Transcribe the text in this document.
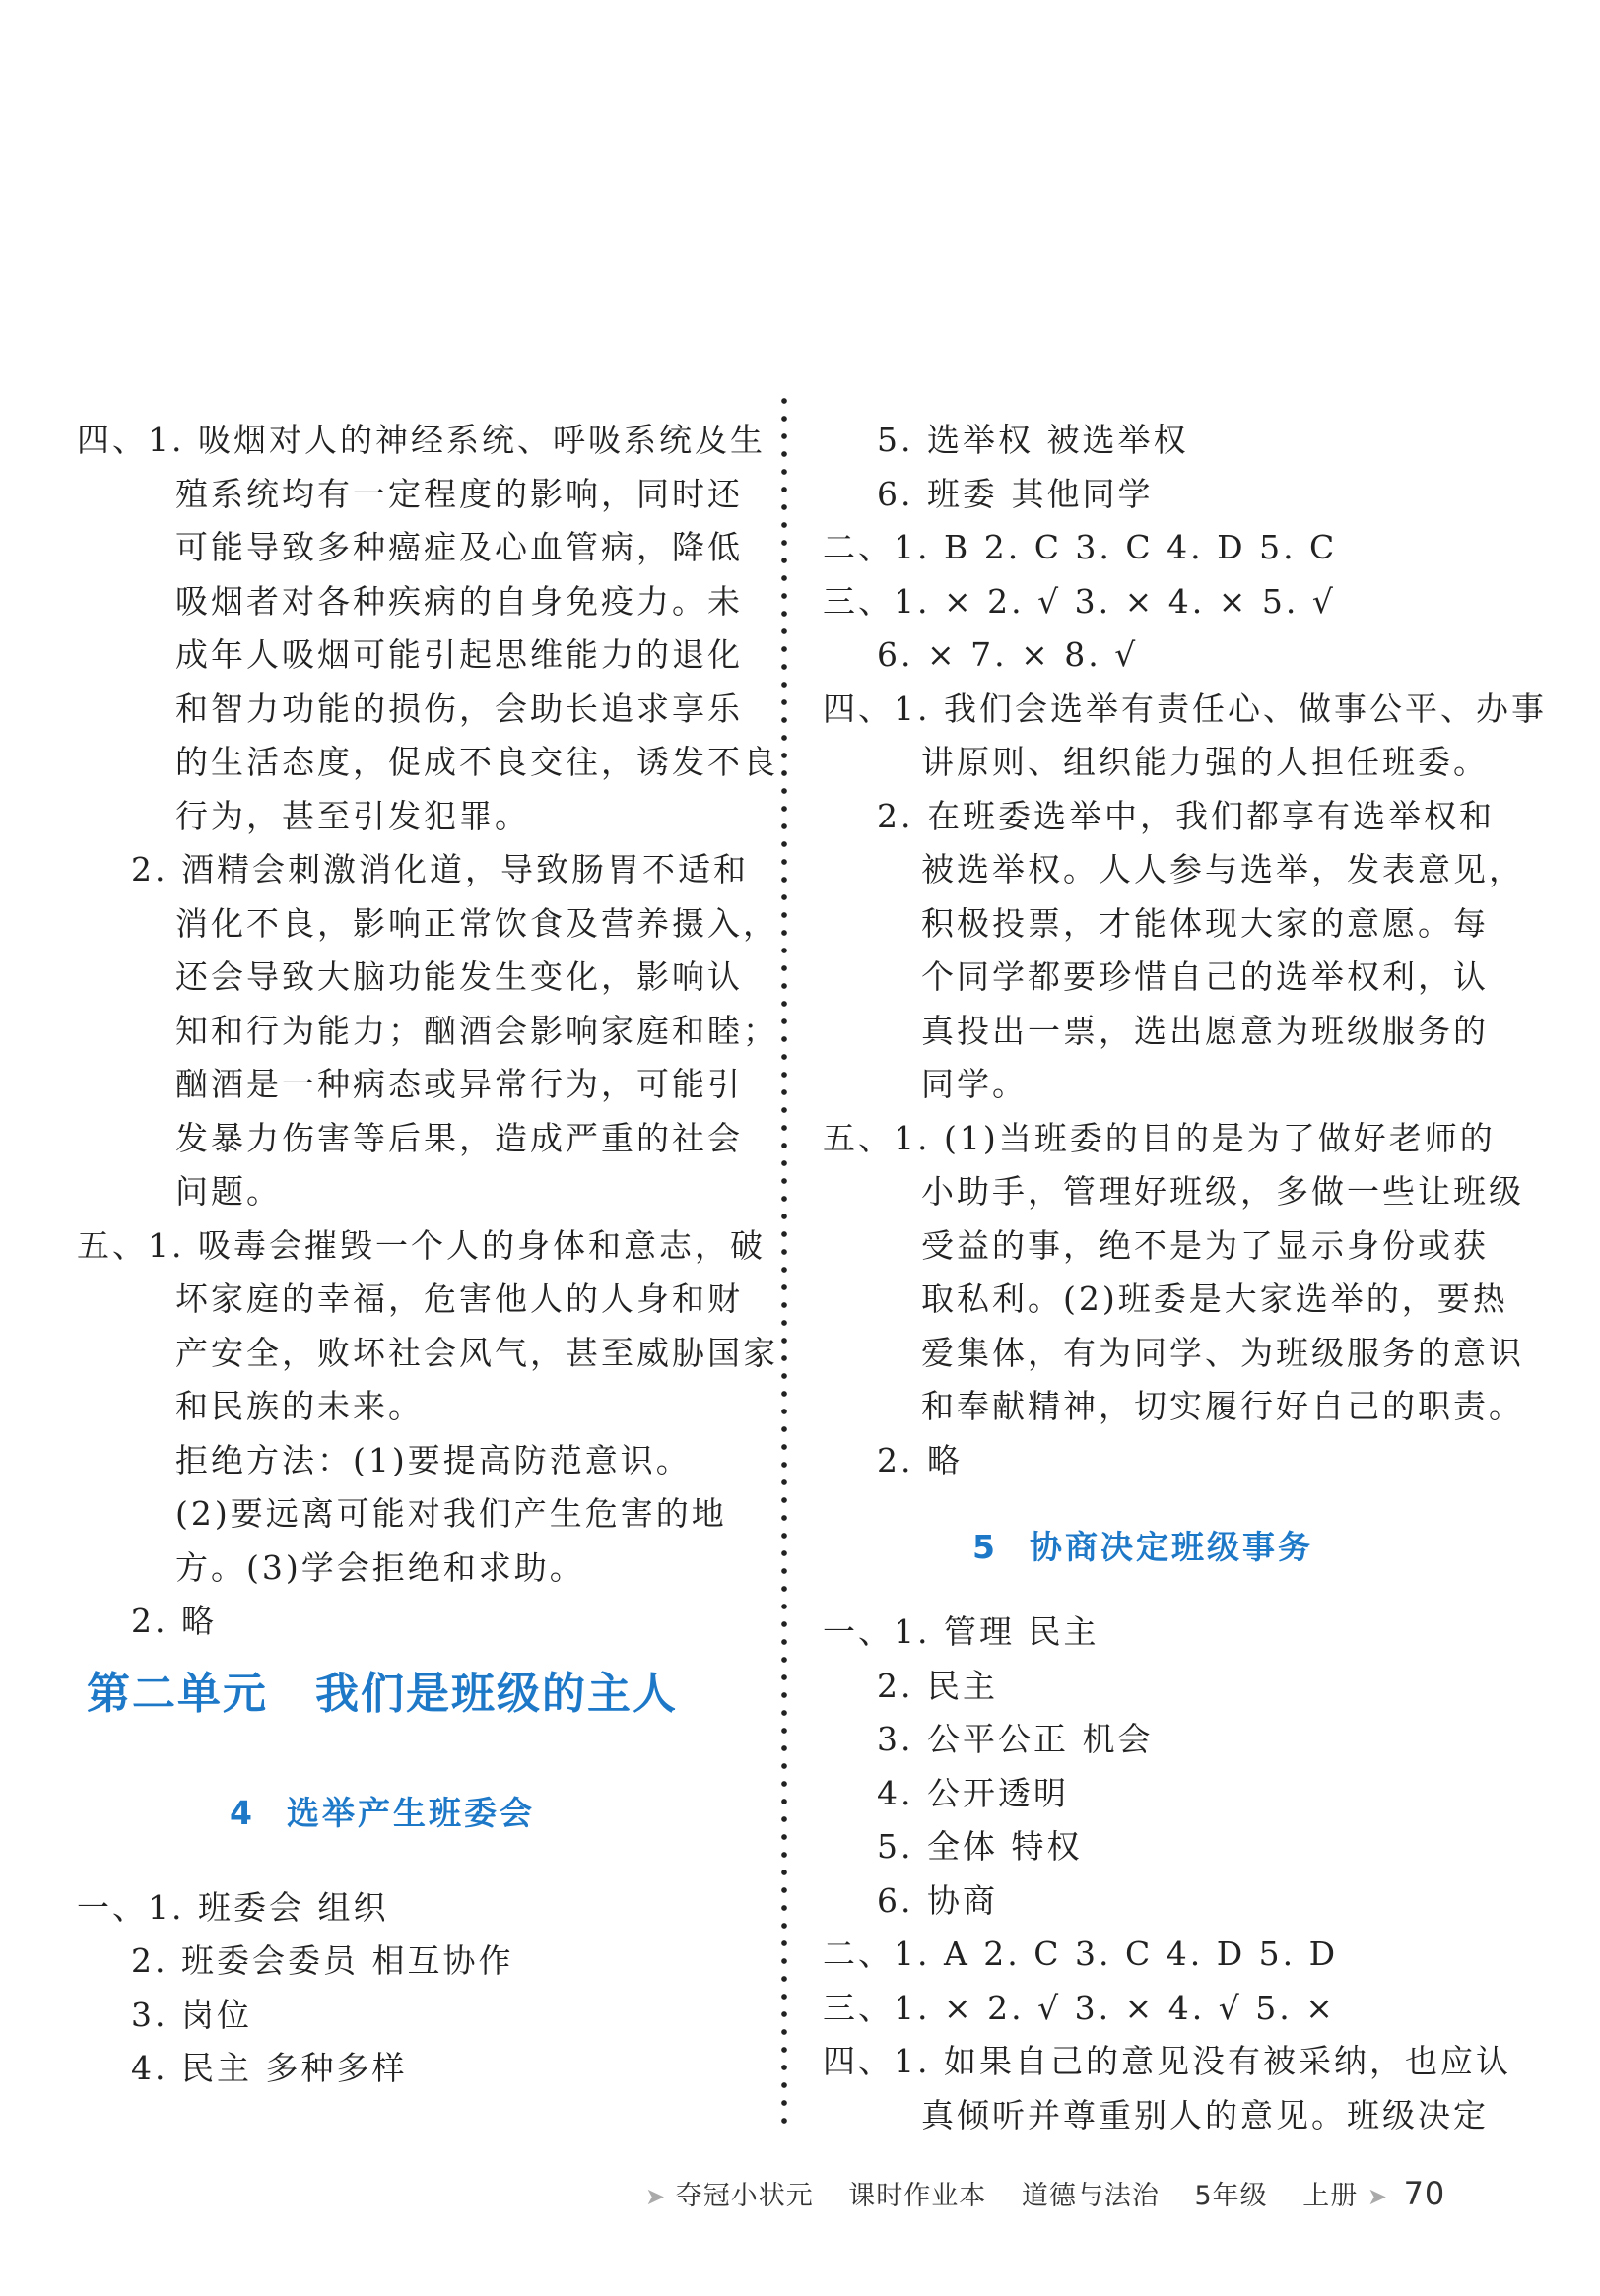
四、1. 吸烟对人的神经系统、呼吸系统及生
殖系统均有一定程度的影响，同时还
可能导致多种癌症及心血管病，降低
吸烟者对各种疾病的自身免疫力。未
成年人吸烟可能引起思维能力的退化
和智力功能的损伤，会助长追求享乐
的生活态度，促成不良交往，诱发不良
行为，甚至引发犯罪。
2. 酒精会刺激消化道，导致肠胃不适和
消化不良，影响正常饮食及营养摄入，
还会导致大脑功能发生变化，影响认
知和行为能力；酗酒会影响家庭和睦；
酗酒是一种病态或异常行为，可能引
发暴力伤害等后果，造成严重的社会
问题。
五、1. 吸毒会摧毁一个人的身体和意志，破
坏家庭的幸福，危害他人的人身和财
产安全，败坏社会风气，甚至威胁国家
和民族的未来。
拒绝方法：(1)要提高防范意识。
(2)要远离可能对我们产生危害的地
方。(3)学会拒绝和求助。
2. 略
第二单元 我们是班级的主人
4 选举产生班委会
一、1. 班委会 组织
2. 班委会委员 相互协作
3. 岗位
4. 民主 多种多样
5. 选举权 被选举权
6. 班委 其他同学
二、1. B 2. C 3. C 4. D 5. C
三、1. × 2. √ 3. × 4. × 5. √
6. × 7. × 8. √
四、1. 我们会选举有责任心、做事公平、办事
讲原则、组织能力强的人担任班委。
2. 在班委选举中，我们都享有选举权和
被选举权。人人参与选举，发表意见，
积极投票，才能体现大家的意愿。每
个同学都要珍惜自己的选举权利，认
真投出一票，选出愿意为班级服务的
同学。
五、1. (1)当班委的目的是为了做好老师的
小助手，管理好班级，多做一些让班级
受益的事，绝不是为了显示身份或获
取私利。(2)班委是大家选举的，要热
爱集体，有为同学、为班级服务的意识
和奉献精神，切实履行好自己的职责。
2. 略
5 协商决定班级事务
一、1. 管理 民主
2. 民主
3. 公平公正 机会
4. 公开透明
5. 全体 特权
6. 协商
二、1. A 2. C 3. C 4. D 5. D
三、1. × 2. √ 3. × 4. √ 5. ×
四、1. 如果自己的意见没有被采纳，也应认
真倾听并尊重别人的意见。班级决定
➤ 夺冠小状元 课时作业本 道德与法治 5年级 上册 ➤ 70
